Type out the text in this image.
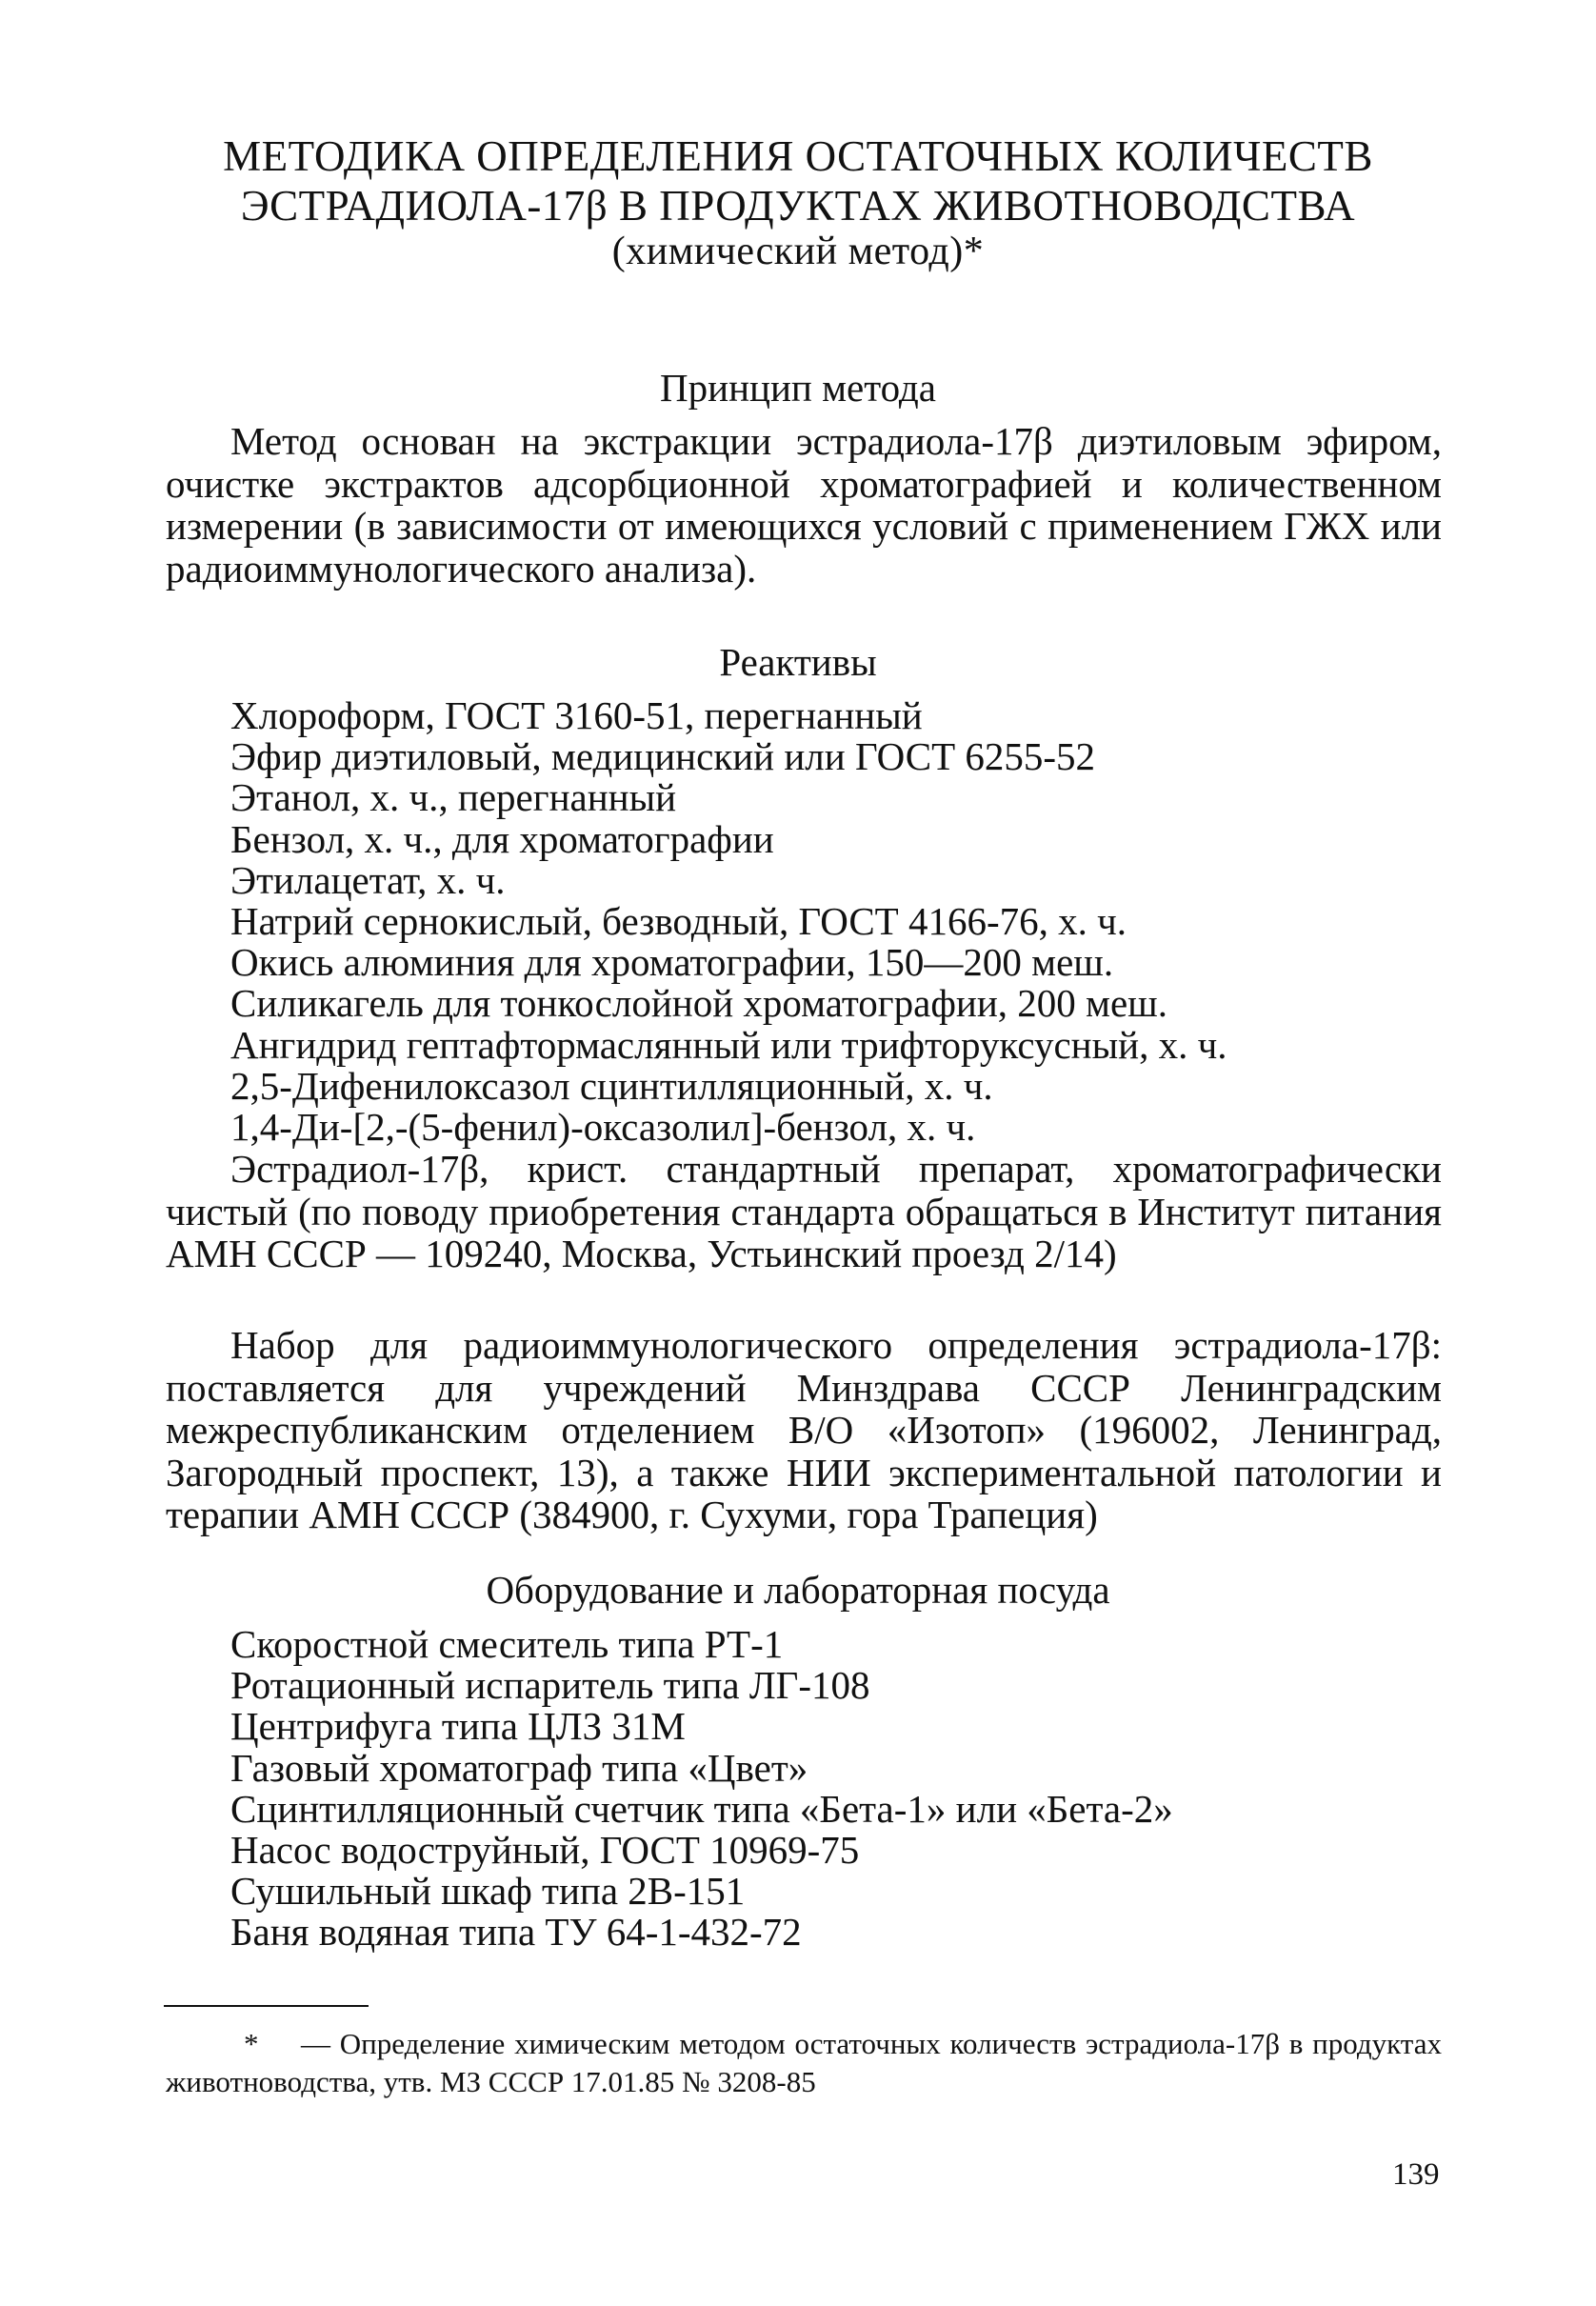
МЕТОДИКА ОПРЕДЕЛЕНИЯ ОСТАТОЧНЫХ КОЛИЧЕСТВ
ЭСТРАДИОЛА-17β В ПРОДУКТАХ ЖИВОТНОВОДСТВА
(химический метод)*
Принцип метода
Метод основан на экстракции эстрадиола-17β диэтиловым эфиром, очистке экстрактов адсорбционной хроматографией и количественном измерении (в зависимости от имеющихся условий с применением ГЖХ или радиоиммунологического анализа).
Реактивы
Хлороформ, ГОСТ 3160-51, перегнанный
Эфир диэтиловый, медицинский или ГОСТ 6255-52
Этанол, х. ч., перегнанный
Бензол, х. ч., для хроматографии
Этилацетат, х. ч.
Натрий сернокислый, безводный, ГОСТ 4166-76, х. ч.
Окись алюминия для хроматографии, 150—200 меш.
Силикагель для тонкослойной хроматографии, 200 меш.
Ангидрид гептафтормаслянный или трифторуксусный, х. ч.
2,5-Дифенилоксазол сцинтилляционный, х. ч.
1,4-Ди-[2,-(5-фенил)-оксазолил]-бензол, х. ч.
Эстрадиол-17β, крист. стандартный препарат, хроматографически чистый (по поводу приобретения стандарта обращаться в Институт питания АМН СССР — 109240, Москва, Устьинский проезд 2/14)
Набор для радиоиммунологического определения эстрадиола-17β: поставляется для учреждений Минздрава СССР Ленинградским межреспубликанским отделением В/О «Изотоп» (196002, Ленинград, Загородный проспект, 13), а также НИИ экспериментальной патологии и терапии АМН СССР (384900, г. Сухуми, гора Трапеция)
Оборудование и лабораторная посуда
Скоростной смеситель типа РТ-1
Ротационный испаритель типа ЛГ-108
Центрифуга типа ЦЛЗ 31М
Газовый хроматограф типа «Цвет»
Сцинтилляционный счетчик типа «Бета-1» или «Бета-2»
Насос водоструйный, ГОСТ 10969-75
Сушильный шкаф типа 2В-151
Баня водяная типа ТУ 64-1-432-72
* — Определение химическим методом остаточных количеств эстрадиола-17β в продуктах животноводства, утв. МЗ СССР 17.01.85 № 3208-85
139
